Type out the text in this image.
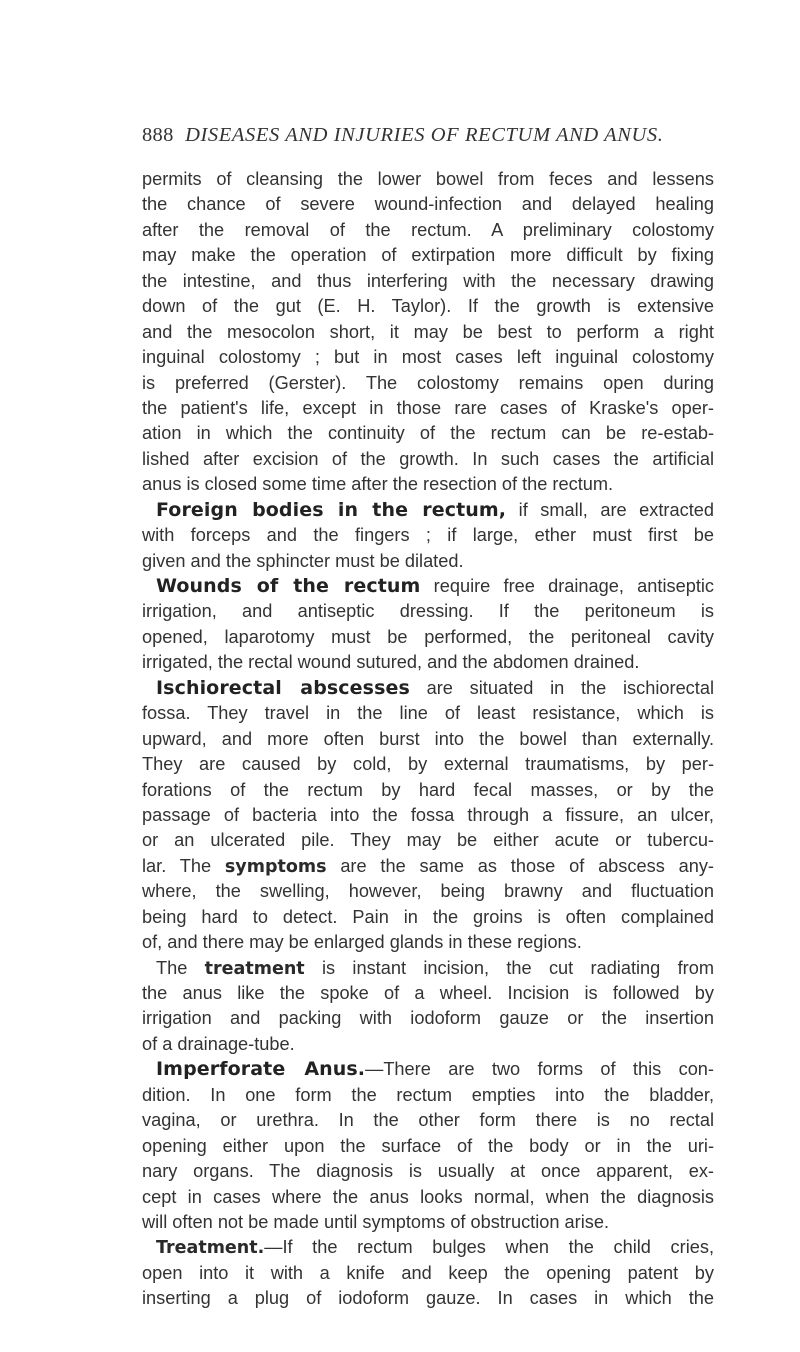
888 DISEASES AND INJURIES OF RECTUM AND ANUS.
permits of cleansing the lower bowel from feces and lessens
the chance of severe wound-infection and delayed healing
after the removal of the rectum. A preliminary colostomy
may make the operation of extirpation more difficult by fixing
the intestine, and thus interfering with the necessary drawing
down of the gut (E. H. Taylor). If the growth is extensive
and the mesocolon short, it may be best to perform a right
inguinal colostomy ; but in most cases left inguinal colostomy
is preferred (Gerster). The colostomy remains open during
the patient's life, except in those rare cases of Kraske's oper-
ation in which the continuity of the rectum can be re-estab-
lished after excision of the growth. In such cases the artificial
anus is closed some time after the resection of the rectum.
Foreign bodies in the rectum, if small, are extracted
with forceps and the fingers ; if large, ether must first be
given and the sphincter must be dilated.
Wounds of the rectum require free drainage, antiseptic
irrigation, and antiseptic dressing. If the peritoneum is
opened, laparotomy must be performed, the peritoneal cavity
irrigated, the rectal wound sutured, and the abdomen drained.
Ischiorectal abscesses are situated in the ischiorectal
fossa. They travel in the line of least resistance, which is
upward, and more often burst into the bowel than externally.
They are caused by cold, by external traumatisms, by per-
forations of the rectum by hard fecal masses, or by the
passage of bacteria into the fossa through a fissure, an ulcer,
or an ulcerated pile. They may be either acute or tubercu-
lar. The symptoms are the same as those of abscess any-
where, the swelling, however, being brawny and fluctuation
being hard to detect. Pain in the groins is often complained
of, and there may be enlarged glands in these regions.
The treatment is instant incision, the cut radiating from
the anus like the spoke of a wheel. Incision is followed by
irrigation and packing with iodoform gauze or the insertion
of a drainage-tube.
Imperforate Anus.—There are two forms of this con-
dition. In one form the rectum empties into the bladder,
vagina, or urethra. In the other form there is no rectal
opening either upon the surface of the body or in the uri-
nary organs. The diagnosis is usually at once apparent, ex-
cept in cases where the anus looks normal, when the diagnosis
will often not be made until symptoms of obstruction arise.
Treatment.—If the rectum bulges when the child cries,
open into it with a knife and keep the opening patent by
inserting a plug of iodoform gauze. In cases in which the
